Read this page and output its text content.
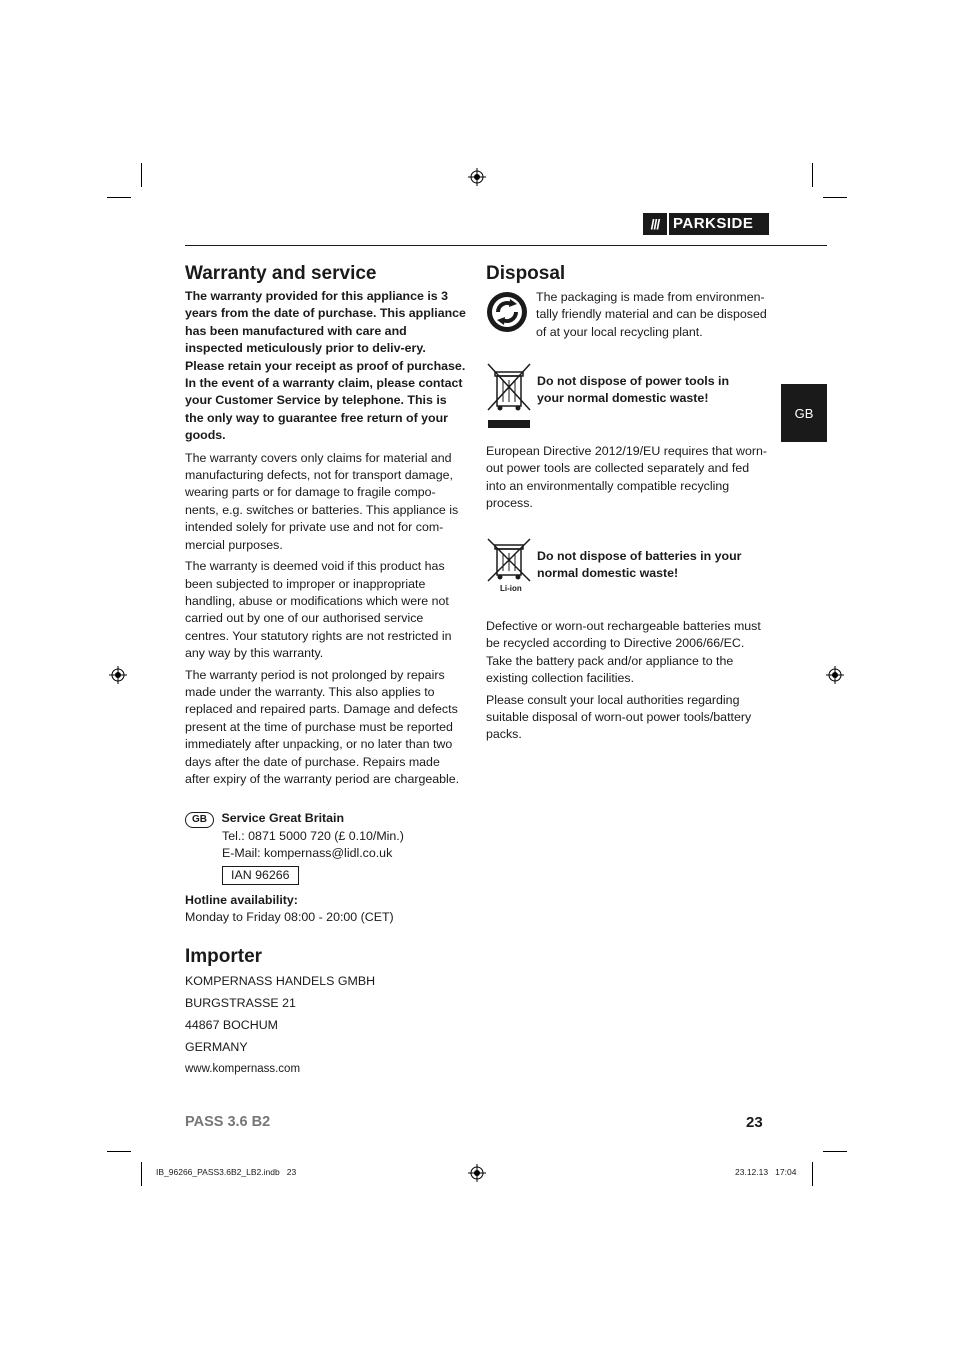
/// PARKSIDE
GB
Warranty and service

The warranty provided for this appliance is 3 years from the date of purchase. This appliance has been manufactured with care and inspected meticulously prior to deliv-ery. Please retain your receipt as proof of purchase. In the event of a warranty claim, please contact your Customer Service by telephone. This is the only way to guarantee free return of your goods.

The warranty covers only claims for material and manufacturing defects, not for transport damage, wearing parts or for damage to fragile compo-nents, e.g. switches or batteries. This appliance is intended solely for private use and not for com-mercial purposes.

The warranty is deemed void if this product has been subjected to improper or inappropriate handling, abuse or modifications which were not carried out by one of our authorised service centres. Your statutory rights are not restricted in any way by this warranty.

The warranty period is not prolonged by repairs made under the warranty. This also applies to replaced and repaired parts. Damage and defects present at the time of purchase must be reported immediately after unpacking, or no later than two days after the date of purchase. Repairs made after expiry of the warranty period are chargeable.

GB Service Great Britain
Tel.: 0871 5000 720 (£ 0.10/Min.)
E-Mail: kompernass@lidl.co.uk
IAN 96266
Hotline availability:
Monday to Friday 08:00 - 20:00 (CET)
Importer
KOMPERNASS HANDELS GMBH
BURGSTRASSE 21
44867 BOCHUM
GERMANY
www.kompernass.com
Disposal
The packaging is made from environmen-tally friendly material and can be disposed of at your local recycling plant.
Do not dispose of power tools in your normal domestic waste!
European Directive 2012/19/EU requires that worn-out power tools are collected separately and fed into an environmentally compatible recycling process.
Li-ion
Do not dispose of batteries in your normal domestic waste!

Defective or worn-out rechargeable batteries must be recycled according to Directive 2006/66/EC. Take the battery pack and/or appliance to the existing collection facilities.

Please consult your local authorities regarding suitable disposal of worn-out power tools/battery packs.

PASS 3.6 B2	23
IB_96266_PASS3.6B2_LB2.indb   23	23.12.13   17:04
